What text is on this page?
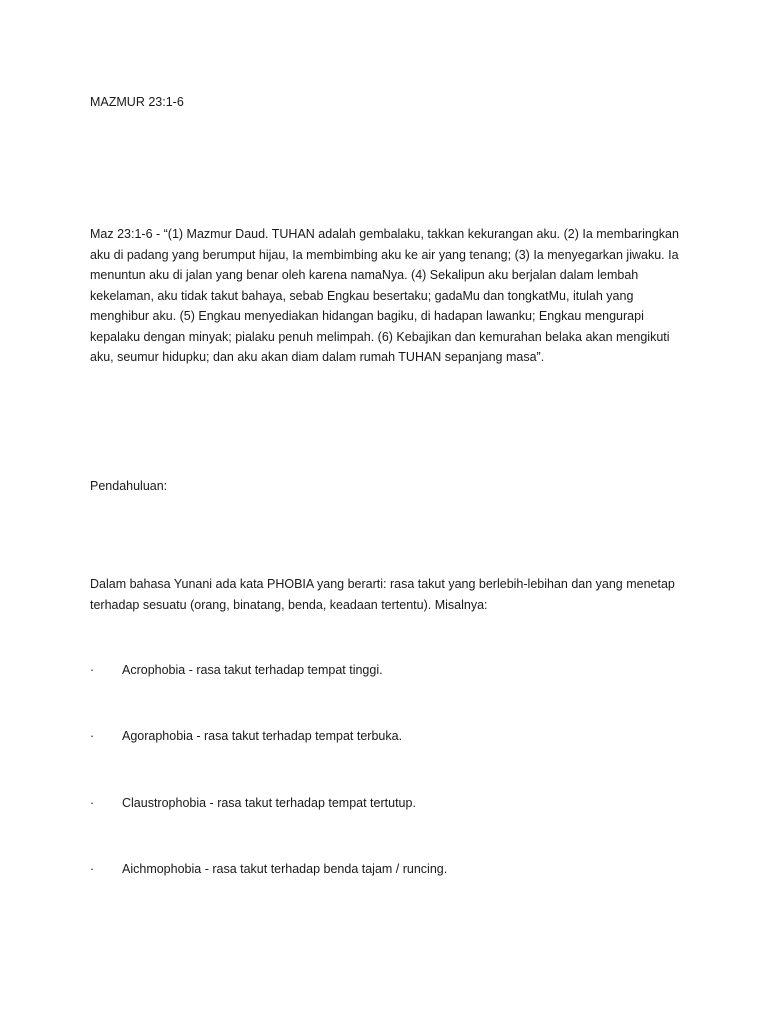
MAZMUR 23:1-6
Maz 23:1-6 - “(1) Mazmur Daud. TUHAN adalah gembalaku, takkan kekurangan aku. (2) Ia membaringkan aku di padang yang berumput hijau, Ia membimbing aku ke air yang tenang; (3) Ia menyegarkan jiwaku. Ia menuntun aku di jalan yang benar oleh karena namaNya. (4) Sekalipun aku berjalan dalam lembah kekelaman, aku tidak takut bahaya, sebab Engkau besertaku; gadaMu dan tongkatMu, itulah yang menghibur aku. (5) Engkau menyediakan hidangan bagiku, di hadapan lawanku; Engkau mengurapi kepalaku dengan minyak; pialaku penuh melimpah. (6) Kebajikan dan kemurahan belaka akan mengikuti aku, seumur hidupku; dan aku akan diam dalam rumah TUHAN sepanjang masa”.
Pendahuluan:
Dalam bahasa Yunani ada kata PHOBIA yang berarti: rasa takut yang berlebih-lebihan dan yang menetap terhadap sesuatu (orang, binatang, benda, keadaan tertentu). Misalnya:
·	Acrophobia - rasa takut terhadap tempat tinggi.
·	Agoraphobia - rasa takut terhadap tempat terbuka.
·	Claustrophobia - rasa takut terhadap tempat tertutup.
·	Aichmophobia - rasa takut terhadap benda tajam / runcing.
